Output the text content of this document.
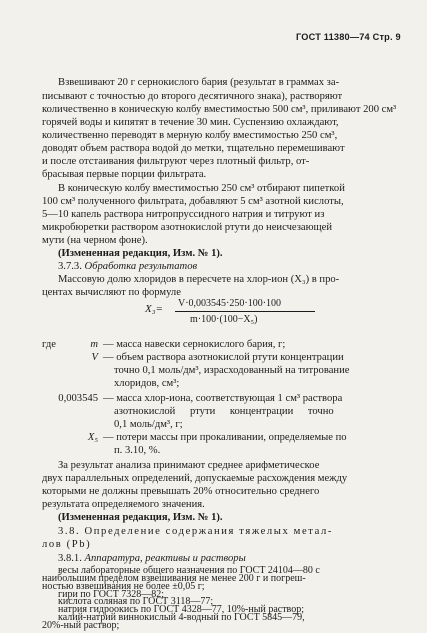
ГОСТ 11380—74 Стр. 9
Взвешивают 20 г сернокислого бария (результат в граммах за-
писывают с точностью до второго десятичного знака), растворяют
количественно в коническую колбу вместимостью 500 см³, приливают 200 см³
горячей воды и кипятят в течение 30 мин. Суспензию охлаждают,
количественно переводят в мерную колбу вместимостью 250 см³,
доводят объем раствора водой до метки, тщательно перемешивают
и после отстаивания фильтруют через плотный фильтр, от-
брасывая первые порции фильтрата.
В коническую колбу вместимостью 250 см³ отбирают пипеткой
100 см³ полученного фильтрата, добавляют 5 см³ азотной кислоты,
5—10 капель раствора нитропруссидного натрия и титруют из
микробюретки раствором азотнокислой ртути до неисчезающей
мути (на черном фоне).
(Измененная редакция, Изм. № 1).
3.7.3. Обработка результатов
Массовую долю хлоридов в пересчете на хлор-ион (X₃) в про-
центах вычисляют по формуле
X₃= V·0,003545·250·100·100
m·100·(100−X₅)
где	m — масса навески сернокислого бария, г;
V — объем раствора азотнокислой ртути концентрации
точно 0,1 моль/дм³, израсходованный на титрование
хлоридов, см³;
0,003545 — масса хлор-иона, соответствующая 1 см³ раствора
азотнокислой ртути концентрации точно
0,1 моль/дм³, г;
X₅ — потери массы при прокаливании, определяемые по
п. 3.10, %.
За результат анализа принимают среднее арифметическое
двух параллельных определений, допускаемые расхождения между
которыми не должны превышать 20% относительно среднего
результата определяемого значения.
(Измененная редакция, Изм. № 1).
3.8. Определение содержания тяжелых метал-
лов (Pb)
3.8.1. Аппаратура, реактивы и растворы
весы лабораторные общего назначения по ГОСТ 24104—80 с
наибольшим пределом взвешивания не менее 200 г и погреш-
ностью взвешивания не более ±0,05 г;
гири по ГОСТ 7328—82;
кислота соляная по ГОСТ 3118—77;
натрия гидроокись по ГОСТ 4328—77, 10%-ный раствор;
калий-натрий виннокислый 4-водный по ГОСТ 5845—79,
20%-ный раствор;
